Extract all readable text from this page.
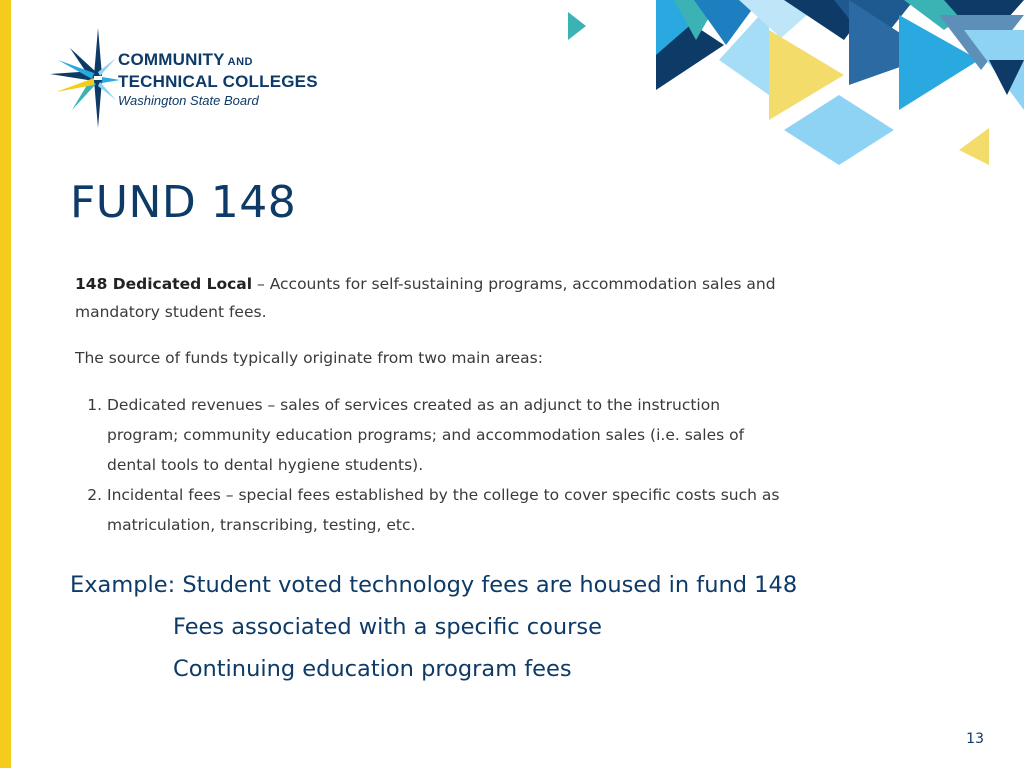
COMMUNITY AND
TECHNICAL COLLEGES
Washington State Board
FUND 148

148 Dedicated Local – Accounts for self-sustaining programs, accommodation sales and mandatory student fees.

The source of funds typically originate from two main areas:

1. Dedicated revenues – sales of services created as an adjunct to the instruction program; community education programs; and accommodation sales (i.e. sales of dental tools to dental hygiene students).
2. Incidental fees – special fees established by the college to cover specific costs such as matriculation, transcribing, testing, etc.
Example: Student voted technology fees are housed in fund 148
Fees associated with a specific course
Continuing education program fees
13
